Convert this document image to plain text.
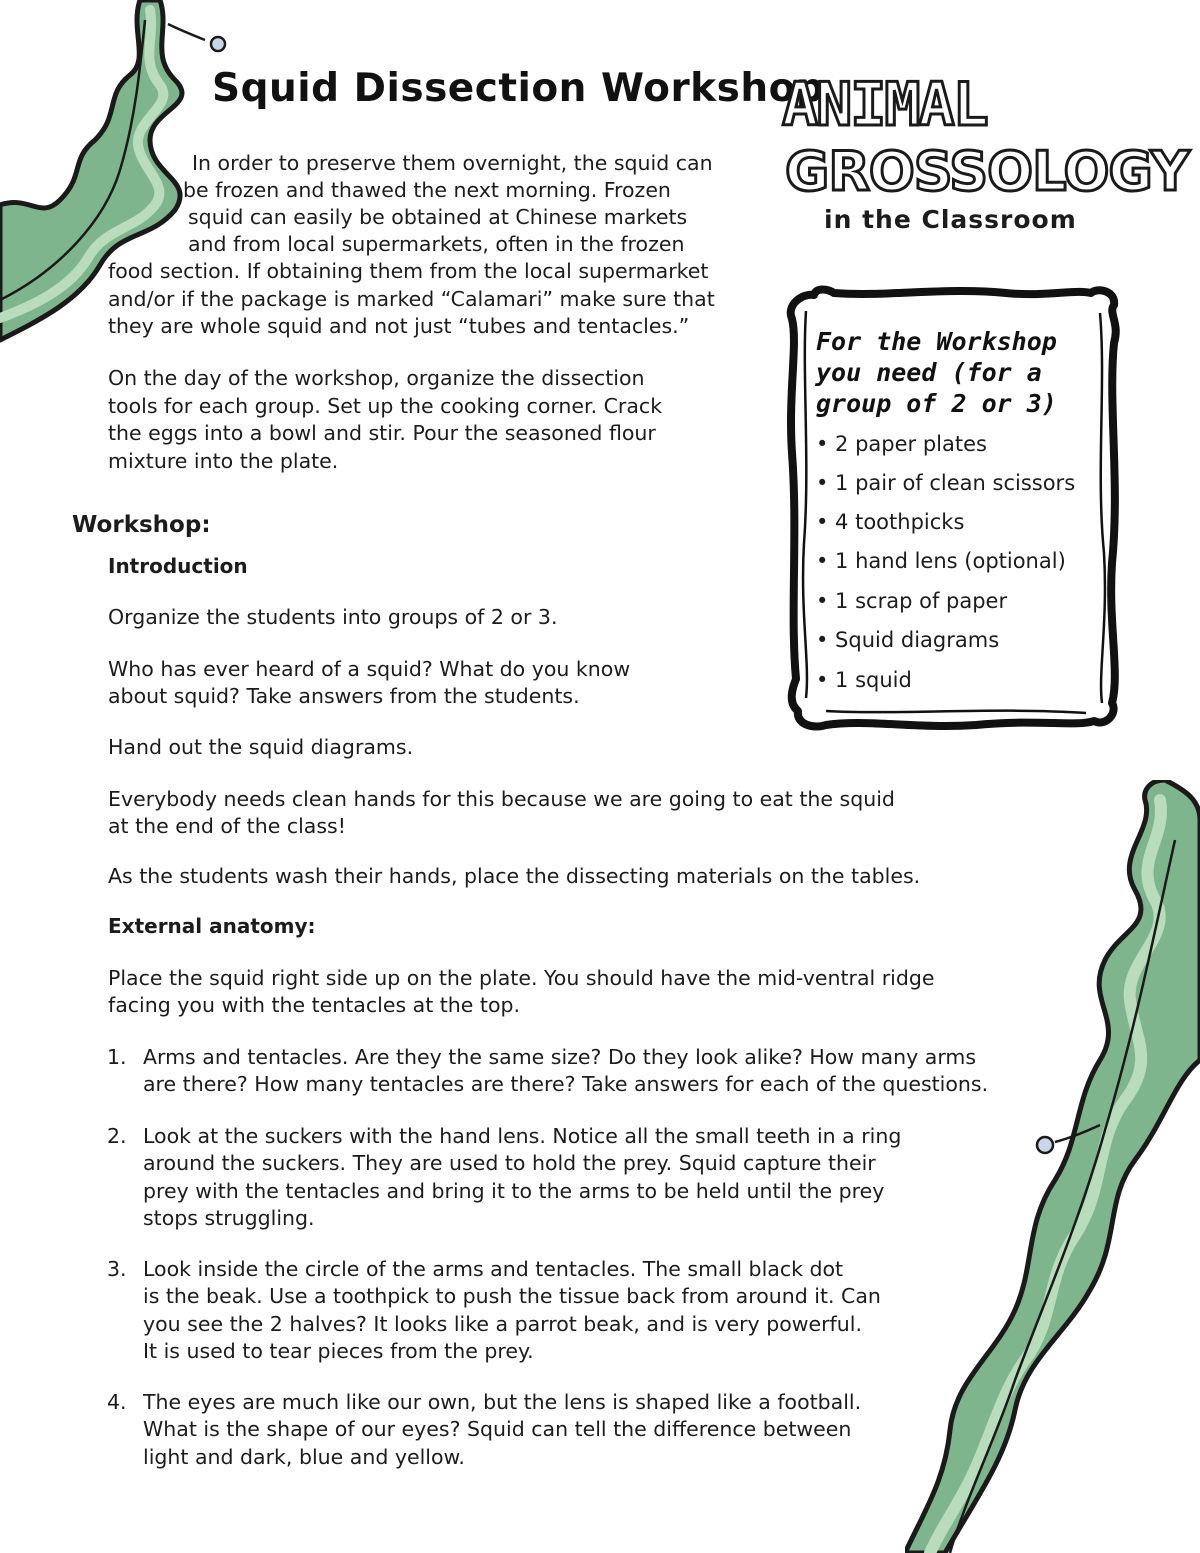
Squid Dissection Workshop
ANIMAL
GROSSOLOGY
in the Classroom
In order to preserve them overnight, the squid can
be frozen and thawed the next morning. Frozen
squid can easily be obtained at Chinese markets
and from local supermarkets, often in the frozen
food section. If obtaining them from the local supermarket
and/or if the package is marked “Calamari” make sure that
they are whole squid and not just “tubes and tentacles.”
On the day of the workshop, organize the dissection
tools for each group. Set up the cooking corner. Crack
the eggs into a bowl and stir. Pour the seasoned flour
mixture into the plate.
For the Workshop you need (for a group of 2 or 3)
• 2 paper plates
• 1 pair of clean scissors
• 4 toothpicks
• 1 hand lens (optional)
• 1 scrap of paper
• Squid diagrams
• 1 squid
Workshop:
Introduction
Organize the students into groups of 2 or 3.
Who has ever heard of a squid? What do you know
about squid? Take answers from the students.
Hand out the squid diagrams.
Everybody needs clean hands for this because we are going to eat the squid
at the end of the class!
As the students wash their hands, place the dissecting materials on the tables.
External anatomy:
Place the squid right side up on the plate. You should have the mid-ventral ridge
facing you with the tentacles at the top.
1. Arms and tentacles. Are they the same size? Do they look alike? How many arms
are there? How many tentacles are there? Take answers for each of the questions.
2. Look at the suckers with the hand lens. Notice all the small teeth in a ring
around the suckers. They are used to hold the prey. Squid capture their
prey with the tentacles and bring it to the arms to be held until the prey
stops struggling.
3. Look inside the circle of the arms and tentacles. The small black dot
is the beak. Use a toothpick to push the tissue back from around it. Can
you see the 2 halves? It looks like a parrot beak, and is very powerful.
It is used to tear pieces from the prey.
4. The eyes are much like our own, but the lens is shaped like a football.
What is the shape of our eyes? Squid can tell the difference between
light and dark, blue and yellow.
